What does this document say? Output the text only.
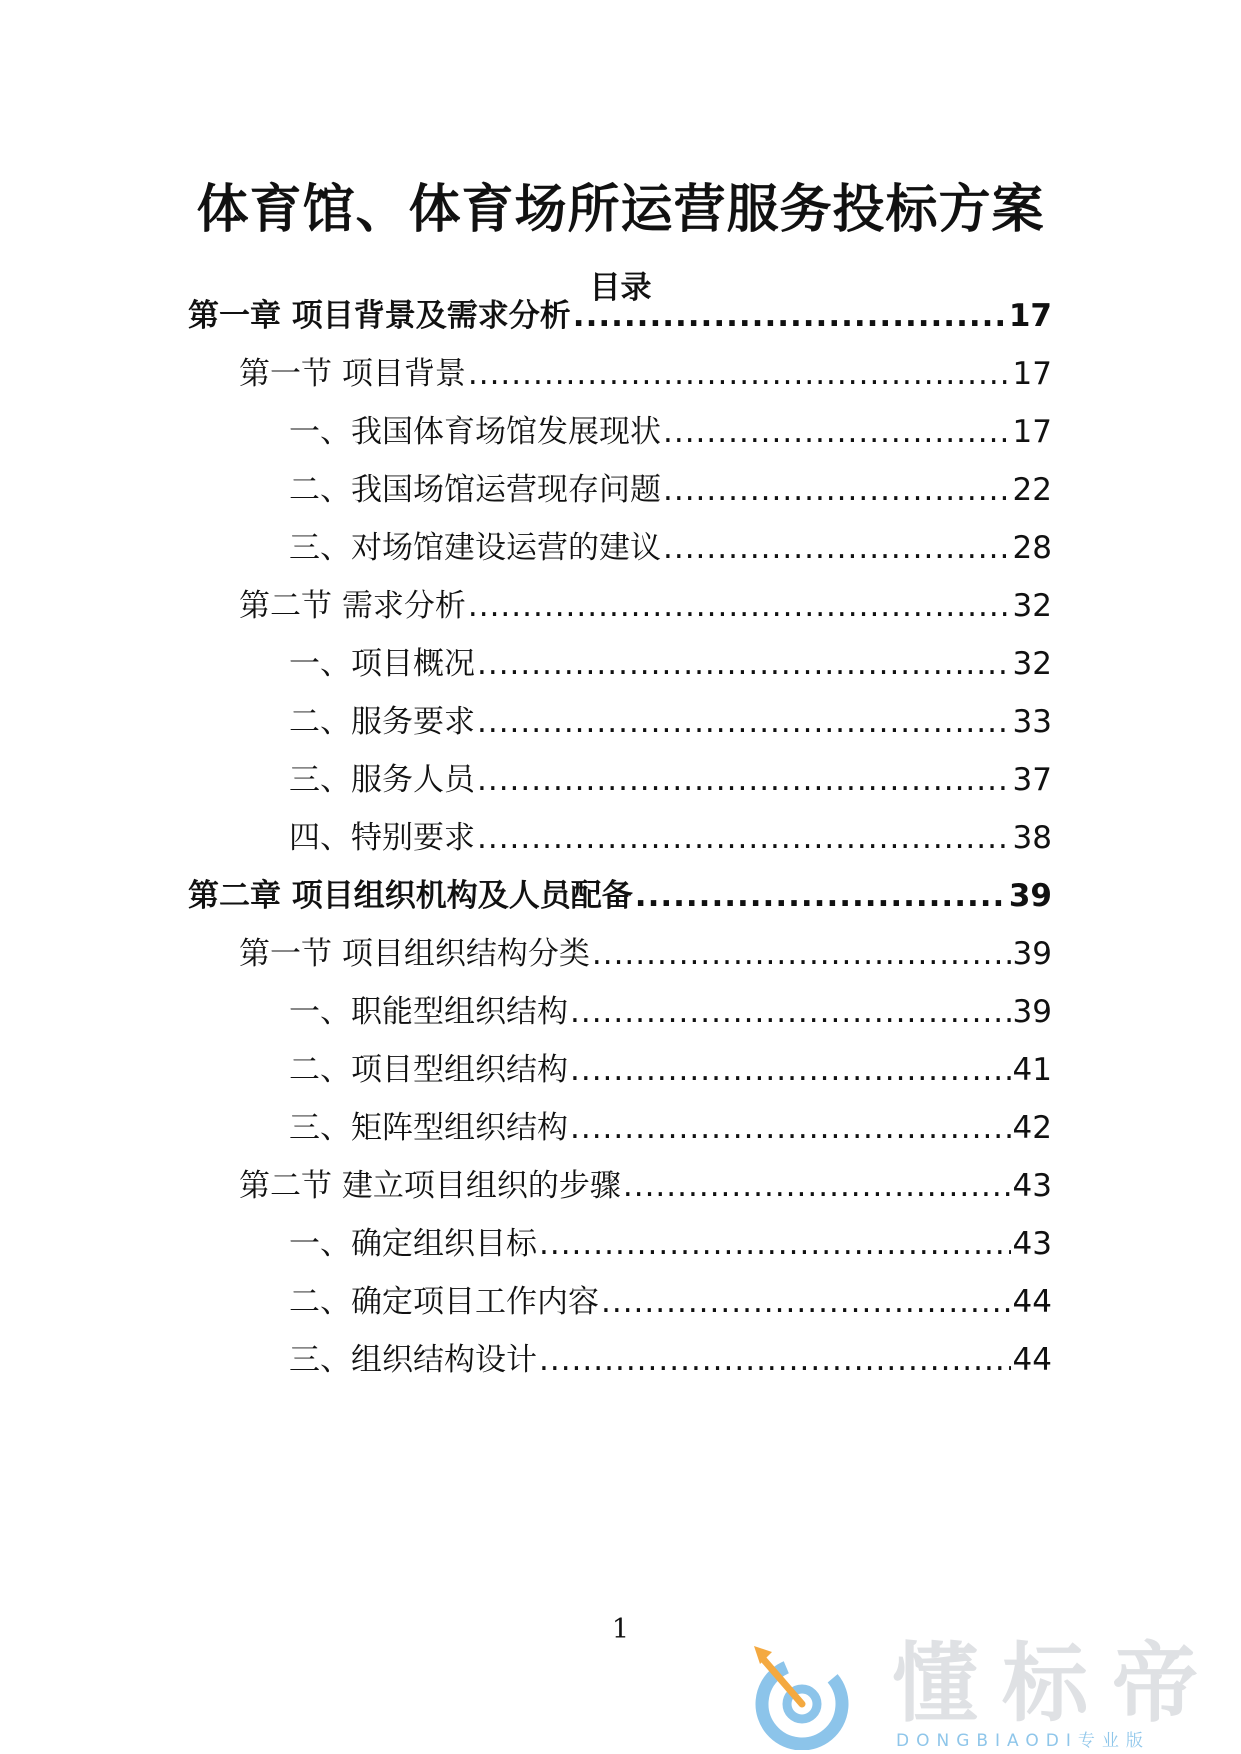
体育馆、体育场所运营服务投标方案
目录
第一章 项目背景及需求分析 .....	17
第一节 项目背景 .....	17
一、我国体育场馆发展现状 .....	17
二、我国场馆运营现存问题 .....	22
三、对场馆建设运营的建议 .....	28
第二节 需求分析 .....	32
一、项目概况 .....	32
二、服务要求 .....	33
三、服务人员 .....	37
四、特别要求 .....	38
第二章 项目组织机构及人员配备 .....	39
第一节 项目组织结构分类 .....	39
一、职能型组织结构 .....	39
二、项目型组织结构 .....	41
三、矩阵型组织结构 .....	42
第二节 建立项目组织的步骤 .....	43
一、确定组织目标 .....	43
二、确定项目工作内容 .....	44
三、组织结构设计 .....	44
1
懂标帝
DONGBIAODI专业版
